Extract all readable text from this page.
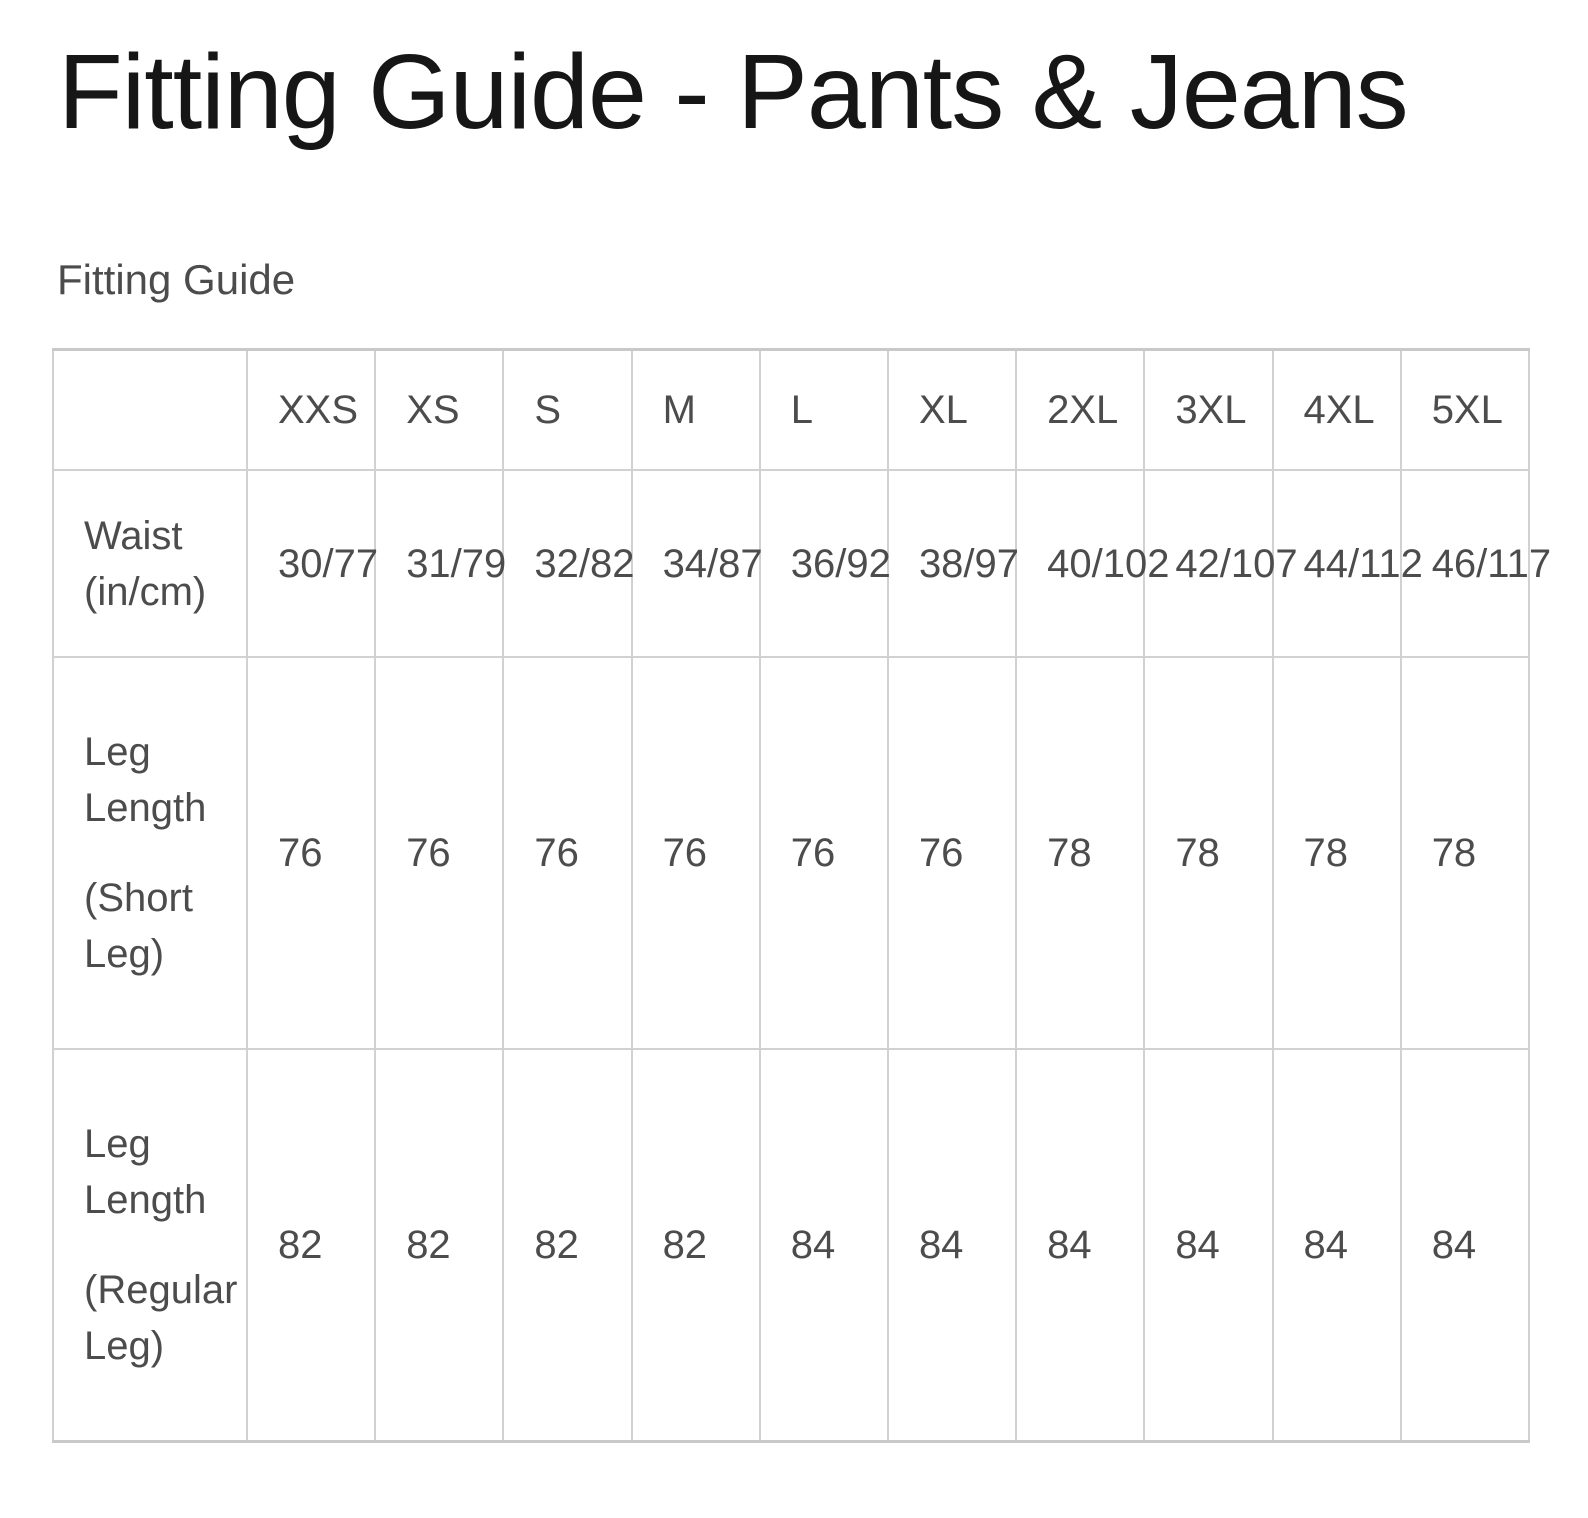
Fitting Guide - Pants & Jeans
Fitting Guide
	XXS	XS	S	M	L	XL	2XL	3XL	4XL	5XL

Waist (in/cm)	30/77	31/79	32/82	34/87	36/92	38/97	40/102	42/107	44/112	46/117

Leg Length

(Short Leg)	76	76	76	76	76	76	78	78	78	78

Leg Length

(Regular Leg)	82	82	82	82	84	84	84	84	84	84
